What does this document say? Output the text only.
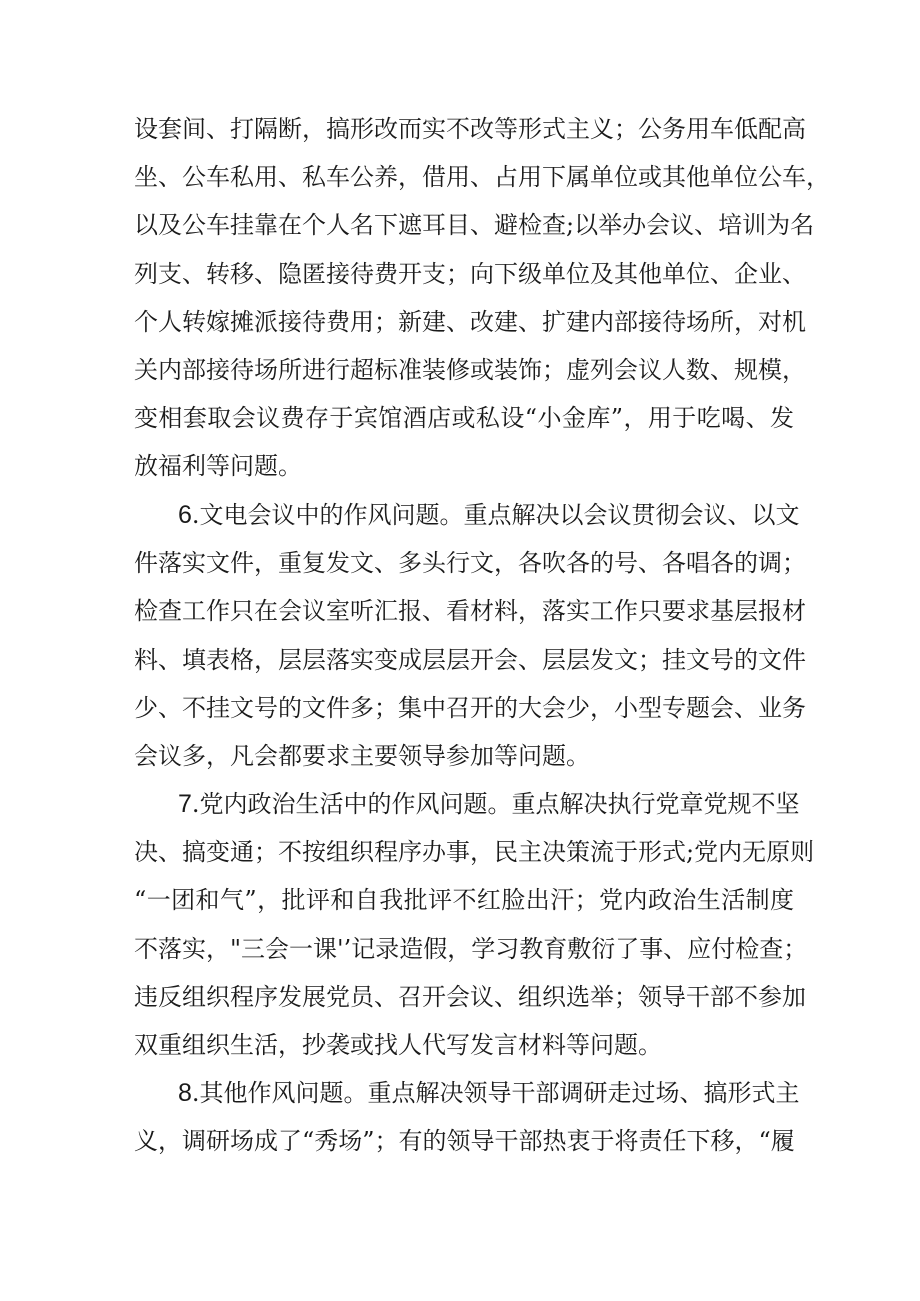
设套间、打隔断，搞形改而实不改等形式主义；公务用车低配高
坐、公车私用、私车公养，借用、占用下属单位或其他单位公车，
以及公车挂靠在个人名下遮耳目、避检查;以举办会议、培训为名
列支、转移、隐匿接待费开支；向下级单位及其他单位、企业、
个人转嫁摊派接待费用；新建、改建、扩建内部接待场所，对机
关内部接待场所进行超标准装修或装饰；虚列会议人数、规模，
变相套取会议费存于宾馆酒店或私设“小金库”，用于吃喝、发
放福利等问题。
6.文电会议中的作风问题。重点解决以会议贯彻会议、以文
件落实文件，重复发文、多头行文，各吹各的号、各唱各的调；
检查工作只在会议室听汇报、看材料，落实工作只要求基层报材
料、填表格，层层落实变成层层开会、层层发文；挂文号的文件
少、不挂文号的文件多；集中召开的大会少，小型专题会、业务
会议多，凡会都要求主要领导参加等问题。
7.党内政治生活中的作风问题。重点解决执行党章党规不坚
决、搞变通；不按组织程序办事，民主决策流于形式;党内无原则
“一团和气”，批评和自我批评不红脸出汗；党内政治生活制度
不落实，"三会一课'’记录造假，学习教育敷衍了事、应付检查；
违反组织程序发展党员、召开会议、组织选举；领导干部不参加
双重组织生活，抄袭或找人代写发言材料等问题。
8.其他作风问题。重点解决领导干部调研走过场、搞形式主
义，调研场成了“秀场”；有的领导干部热衷于将责任下移，“履
